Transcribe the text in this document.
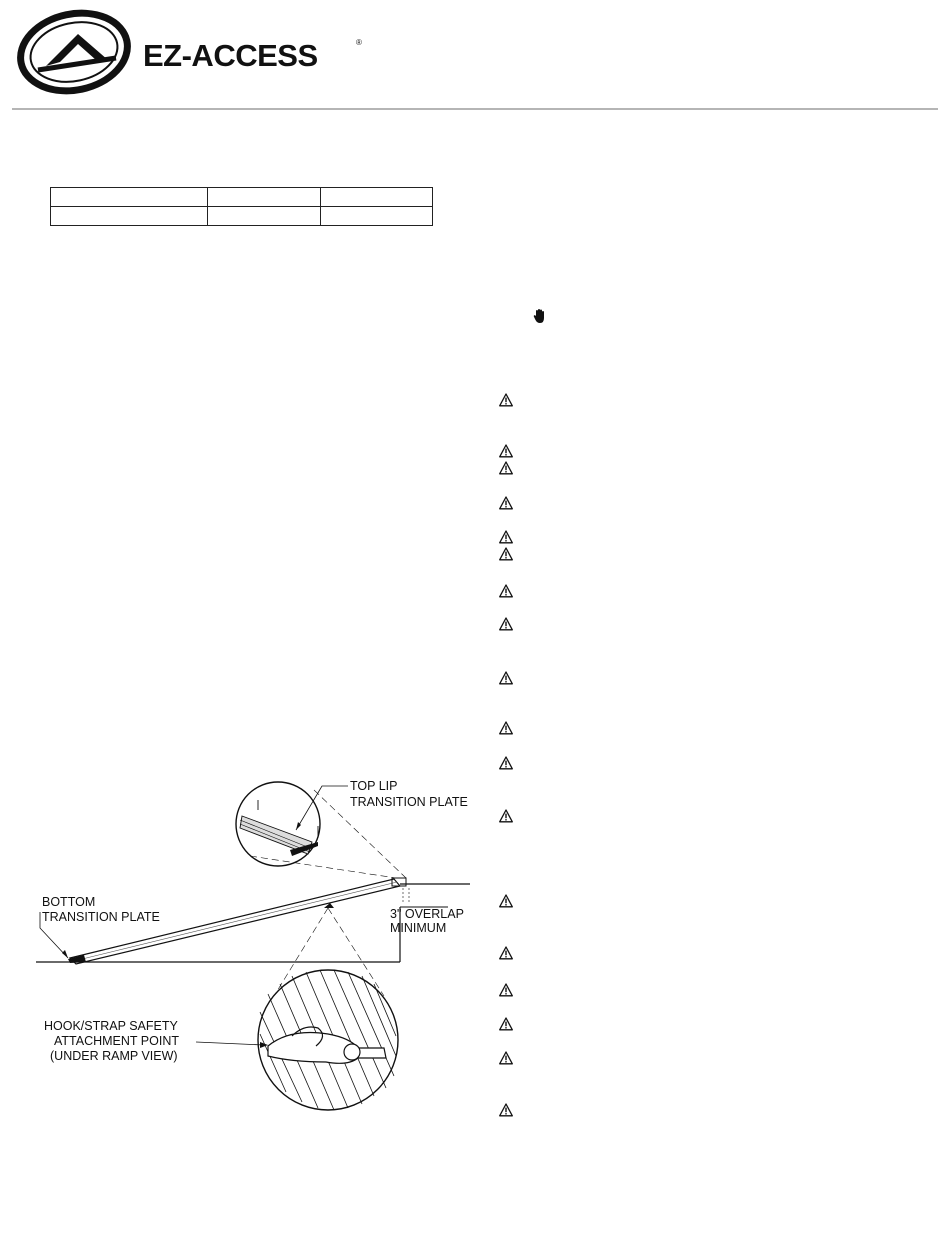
EZ-ACCESS	®

TOP LIP
TRANSITION PLATE
BOTTOM
TRANSITION PLATE	3" OVERLAP
MINIMUM
HOOK/STRAP SAFETY
ATTACHMENT POINT
(UNDER RAMP VIEW)
